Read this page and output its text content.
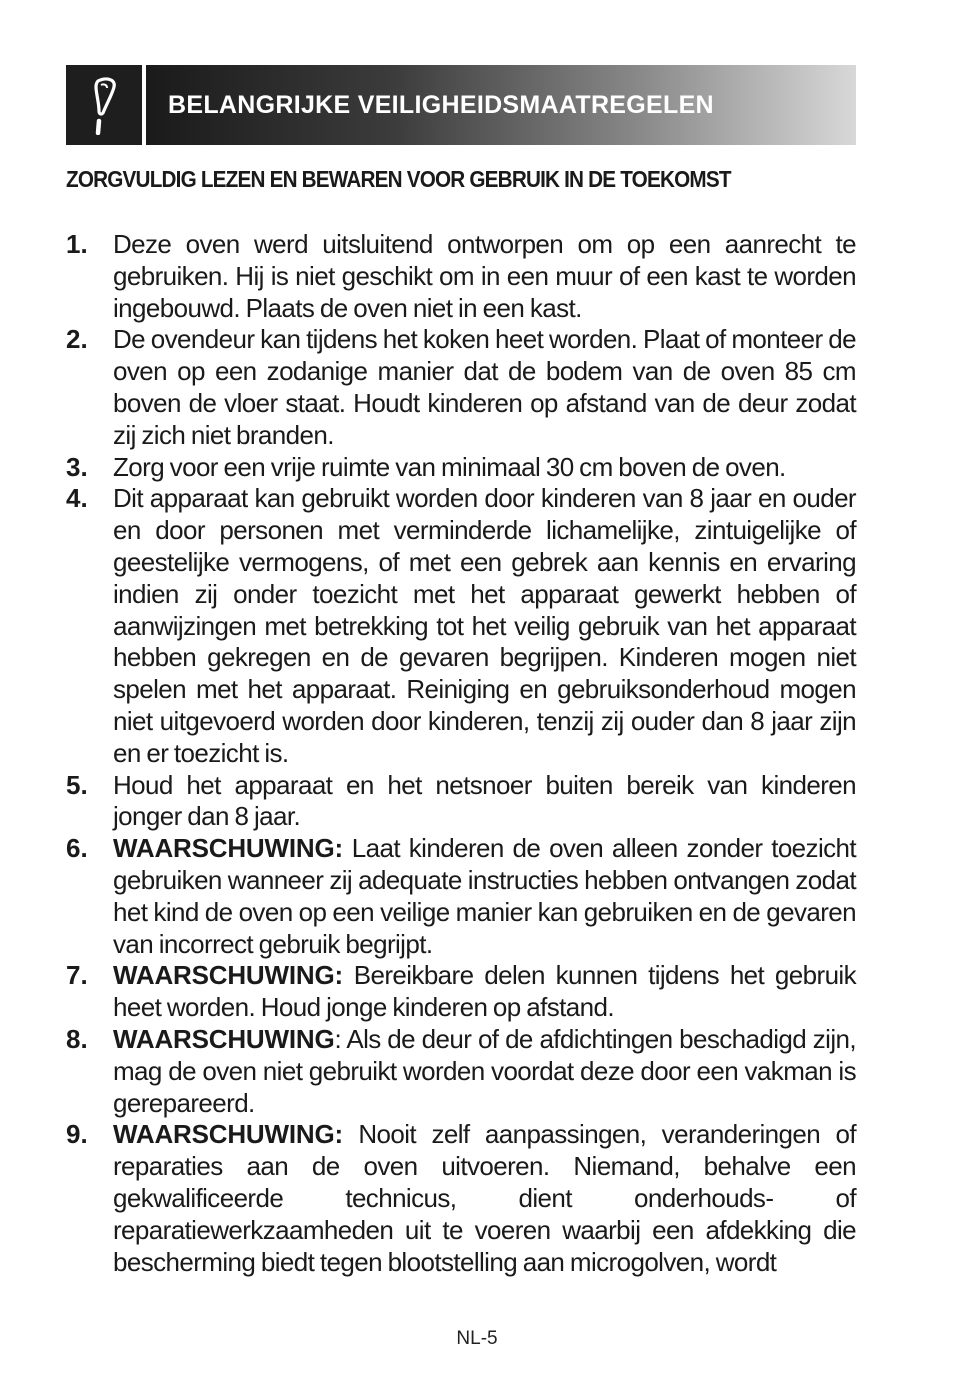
BELANGRIJKE VEILIGHEIDSMAATREGELEN
ZORGVULDIG LEZEN EN BEWAREN VOOR GEBRUIK IN DE TOEKOMST
1. Deze oven werd uitsluitend ontworpen om op een aanrecht te gebruiken. Hij is niet geschikt om in een muur of een kast te worden ingebouwd. Plaats de oven niet in een kast.
2. De ovendeur kan tijdens het koken heet worden. Plaat of monteer de oven op een zodanige manier dat de bodem van de oven 85 cm boven de vloer staat. Houdt kinderen op afstand van de deur zodat zij zich niet branden.
3. Zorg voor een vrije ruimte van minimaal 30 cm boven de oven.
4. Dit apparaat kan gebruikt worden door kinderen van 8 jaar en ouder en door personen met verminderde lichamelijke, zintuigelijke of geestelijke vermogens, of met een gebrek aan kennis en ervaring indien zij onder toezicht met het apparaat gewerkt hebben of aanwijzingen met betrekking tot het veilig gebruik van het apparaat hebben gekregen en de gevaren begrijpen. Kinderen mogen niet spelen met het apparaat. Reiniging en gebruiksonderhoud mogen niet uitgevoerd worden door kinderen, tenzij zij ouder dan 8 jaar zijn en er toezicht is.
5. Houd het apparaat en het netsnoer buiten bereik van kinderen jonger dan 8 jaar.
6. WAARSCHUWING: Laat kinderen de oven alleen zonder toezicht gebruiken wanneer zij adequate instructies hebben ontvangen zodat het kind de oven op een veilige manier kan gebruiken en de gevaren van incorrect gebruik begrijpt.
7. WAARSCHUWING: Bereikbare delen kunnen tijdens het gebruik heet worden. Houd jonge kinderen op afstand.
8. WAARSCHUWING: Als de deur of de afdichtingen beschadigd zijn, mag de oven niet gebruikt worden voordat deze door een vakman is gerepareerd.
9. WAARSCHUWING: Nooit zelf aanpassingen, veranderingen of reparaties aan de oven uitvoeren. Niemand, behalve een gekwalificeerde technicus, dient onderhouds- of reparatiewerkzaamheden uit te voeren waarbij een afdekking die bescherming biedt tegen blootstelling aan microgolven, wordt
NL-5
